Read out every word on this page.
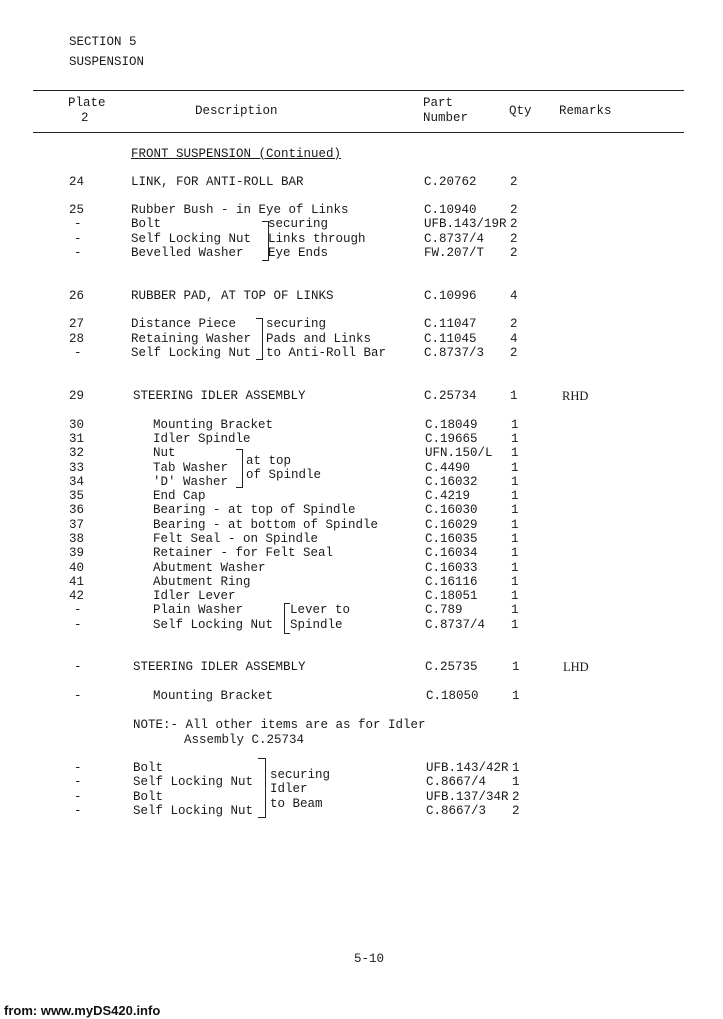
SECTION 5
SUSPENSION
Plate
2	Description
Part
Number	Qty Remarks
FRONT SUSPENSION (Continued)
24	LINK, FOR ANTI-ROLL BAR	C.20762	2
25	Rubber Bush - in Eye of Links	C.10940	2
-	Bolt	UFB.143/19R 2
-	Self Locking Nut	C.8737/4 2
-	Bevelled Washer	FW.207/T 2
securing
Links through
Eye Ends
26	RUBBER PAD, AT TOP OF LINKS	C.10996	4
27	Distance Piece	C.11047	2
28	Retaining Washer	C.11045	4
-	Self Locking Nut	C.8737/3 2
securing
Pads and Links
to Anti-Roll Bar
29	STEERING IDLER ASSEMBLY	C.25734	1	RHD
30	Mounting Bracket	C.18049	1
31	Idler Spindle	C.19665	1
32	Nut	UFN.150/L 1
33	Tab Washer	C.4490	1
34	'D' Washer	C.16032	1
at top
of Spindle
35	End Cap	C.4219	1
36	Bearing - at top of Spindle	C.16030	1
37	Bearing - at bottom of Spindle	C.16029	1
38	Felt Seal - on Spindle	C.16035	1
39	Retainer - for Felt Seal	C.16034	1
40	Abutment Washer	C.16033	1
41	Abutment Ring	C.16116	1
42	Idler Lever	C.18051	1
-	Plain Washer	C.789	1
-	Self Locking Nut	C.8737/4 1
Lever to
Spindle
-	STEERING IDLER ASSEMBLY	C.25735	1	LHD
-	Mounting Bracket	C.18050	1
NOTE:- All other items are as for Idler
Assembly C.25734
-	Bolt	UFB.143/42R 1
-	Self Locking Nut	C.8667/4 1
-	Bolt	UFB.137/34R 2
-	Self Locking Nut	C.8667/3 2
securing
Idler
to Beam
5-10
from: www.myDS420.info
